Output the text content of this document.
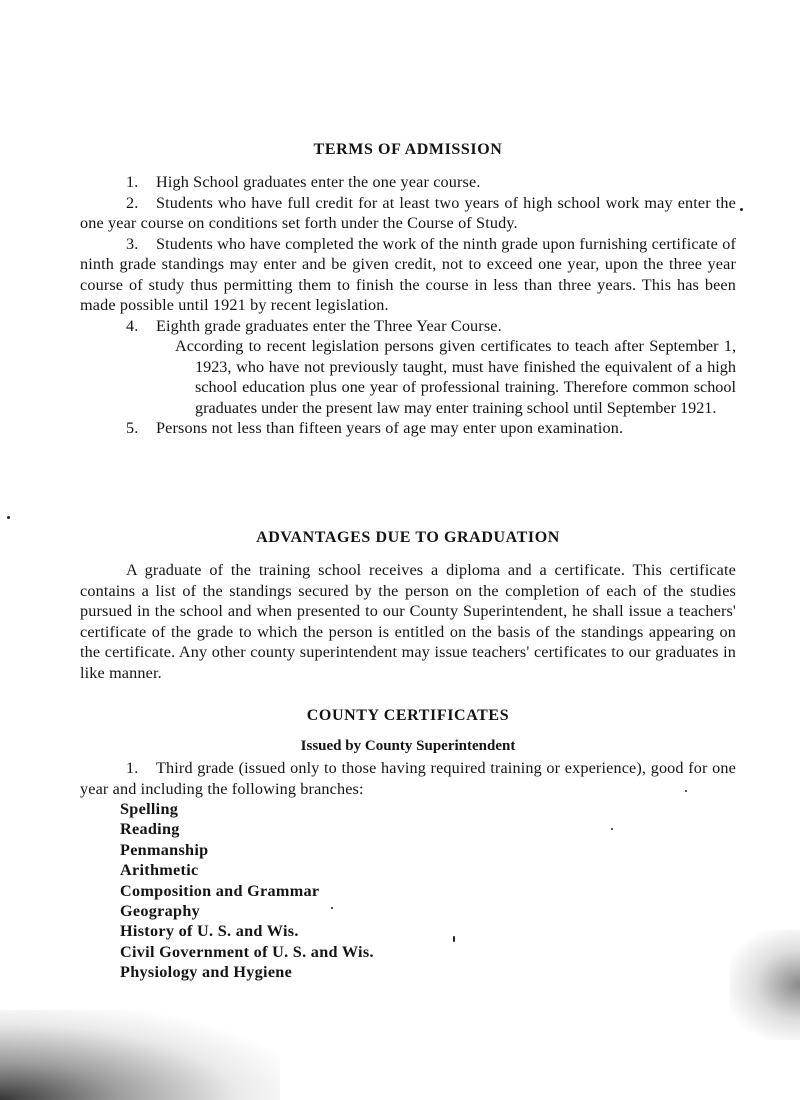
TERMS OF ADMISSION

1. High School graduates enter the one year course.

2. Students who have full credit for at least two years of high school work may enter the one year course on conditions set forth under the Course of Study.

3. Students who have completed the work of the ninth grade upon furnishing certificate of ninth grade standings may enter and be given credit, not to exceed one year, upon the three year course of study thus permitting them to finish the course in less than three years. This has been made possible until 1921 by recent legislation.

4. Eighth grade graduates enter the Three Year Course.

According to recent legislation persons given certificates to teach after September 1, 1923, who have not previously taught, must have finished the equivalent of a high school education plus one year of professional training. Therefore common school graduates under the present law may enter training school until September 1921.

5. Persons not less than fifteen years of age may enter upon examination.

ADVANTAGES DUE TO GRADUATION

A graduate of the training school receives a diploma and a certificate. This certificate contains a list of the standings secured by the person on the completion of each of the studies pursued in the school and when presented to our County Superintendent, he shall issue a teachers' certificate of the grade to which the person is entitled on the basis of the standings appearing on the certificate. Any other county superintendent may issue teachers' certificates to our graduates in like manner.

COUNTY CERTIFICATES
Issued by County Superintendent

1. Third grade (issued only to those having required training or experience), good for one year and including the following branches:

Spelling
Reading
Penmanship
Arithmetic
Composition and Grammar
Geography
History of U. S. and Wis.
Civil Government of U. S. and Wis.
Physiology and Hygiene
